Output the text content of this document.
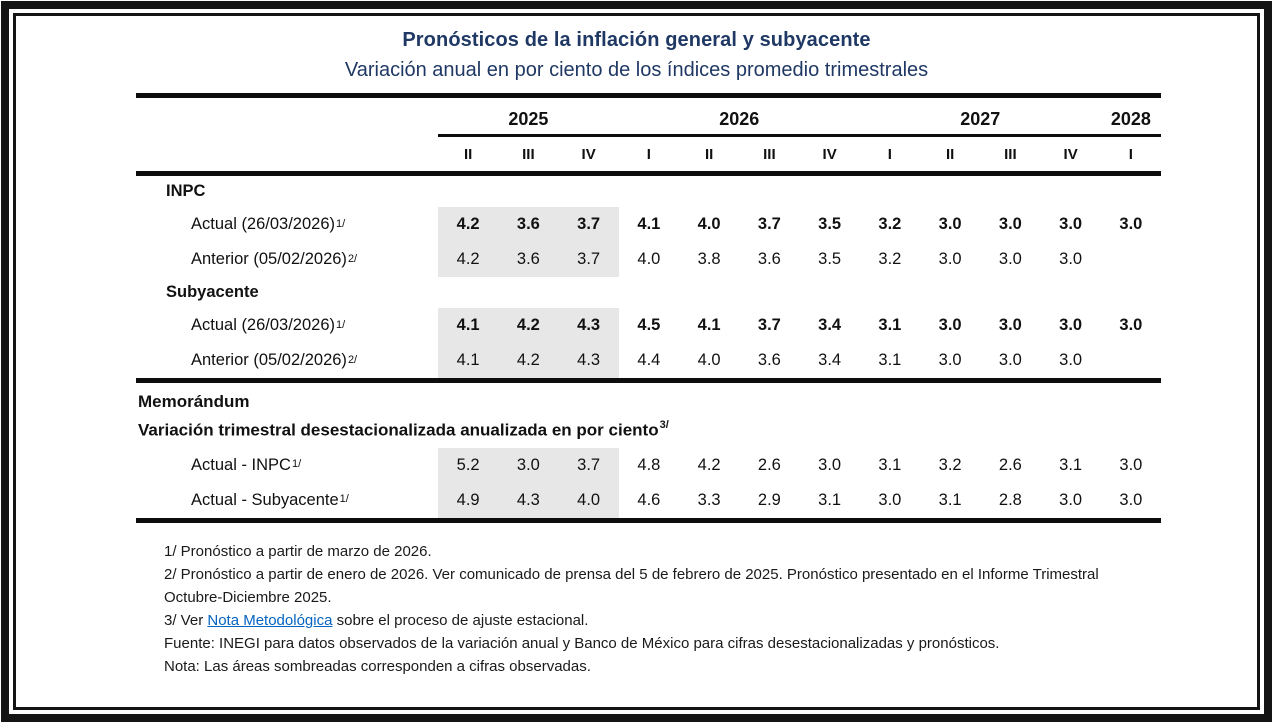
Pronósticos de la inflación general y subyacente
Variación anual en por ciento de los índices promedio trimestrales
2025	2026	2027	2028
II	III	IV	I	II	III	IV	I	II	III	IV	I
INPC
Actual (26/03/2026)$^{1/}$	4.2	3.6	3.7	4.1	4.0	3.7	3.5	3.2	3.0	3.0	3.0	3.0
Anterior (05/02/2026)$^{2/}$	4.2	3.6	3.7	4.0	3.8	3.6	3.5	3.2	3.0	3.0	3.0
Subyacente
Actual (26/03/2026)$^{1/}$	4.1	4.2	4.3	4.5	4.1	3.7	3.4	3.1	3.0	3.0	3.0	3.0
Anterior (05/02/2026)$^{2/}$	4.1	4.2	4.3	4.4	4.0	3.6	3.4	3.1	3.0	3.0	3.0
Memorándum
Variación trimestral desestacionalizada anualizada en por ciento$^{3/}$
Actual - INPC$^{1/}$	5.2	3.0	3.7	4.8	4.2	2.6	3.0	3.1	3.2	2.6	3.1	3.0
Actual - Subyacente$^{1/}$	4.9	4.3	4.0	4.6	3.3	2.9	3.1	3.0	3.1	2.8	3.0	3.0
1/ Pronóstico a partir de marzo de 2026.
2/ Pronóstico a partir de enero de 2026. Ver comunicado de prensa del 5 de febrero de 2025. Pronóstico presentado en el Informe Trimestral
Octubre-Diciembre 2025.
3/ Ver Nota Metodológica sobre el proceso de ajuste estacional.
Fuente: INEGI para datos observados de la variación anual y Banco de México para cifras desestacionalizadas y pronósticos.
Nota: Las áreas sombreadas corresponden a cifras observadas.
